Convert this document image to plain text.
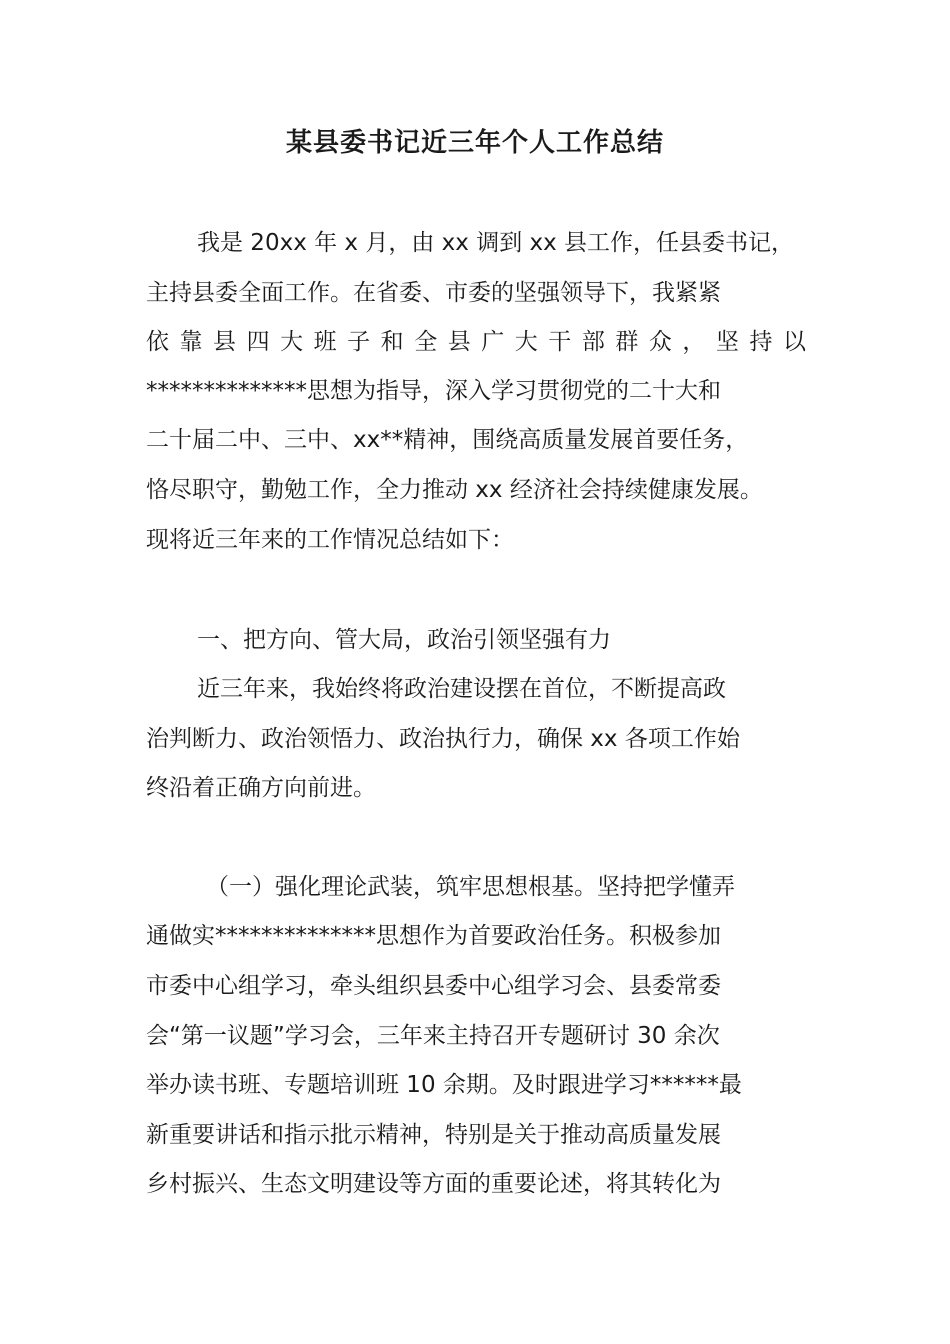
某县委书记近三年个人工作总结
我是 20xx 年 x 月，由 xx 调到 xx 县工作，任县委书记，
主持县委全面工作。在省委、市委的坚强领导下，我紧紧
依 靠 县 四 大 班 子 和 全 县 广 大 干 部 群 众 ， 坚 持 以
**************思想为指导，深入学习贯彻党的二十大和
二十届二中、三中、xx**精神，围绕高质量发展首要任务，
恪尽职守，勤勉工作，全力推动 xx 经济社会持续健康发展。
现将近三年来的工作情况总结如下：
一、把方向、管大局，政治引领坚强有力
近三年来，我始终将政治建设摆在首位，不断提高政
治判断力、政治领悟力、政治执行力，确保 xx 各项工作始
终沿着正确方向前进。
（一）强化理论武装，筑牢思想根基。坚持把学懂弄
通做实**************思想作为首要政治任务。积极参加
市委中心组学习，牵头组织县委中心组学习会、县委常委
会“第一议题”学习会，三年来主持召开专题研讨 30 余次
举办读书班、专题培训班 10 余期。及时跟进学习******最
新重要讲话和指示批示精神，特别是关于推动高质量发展
乡村振兴、生态文明建设等方面的重要论述，将其转化为
